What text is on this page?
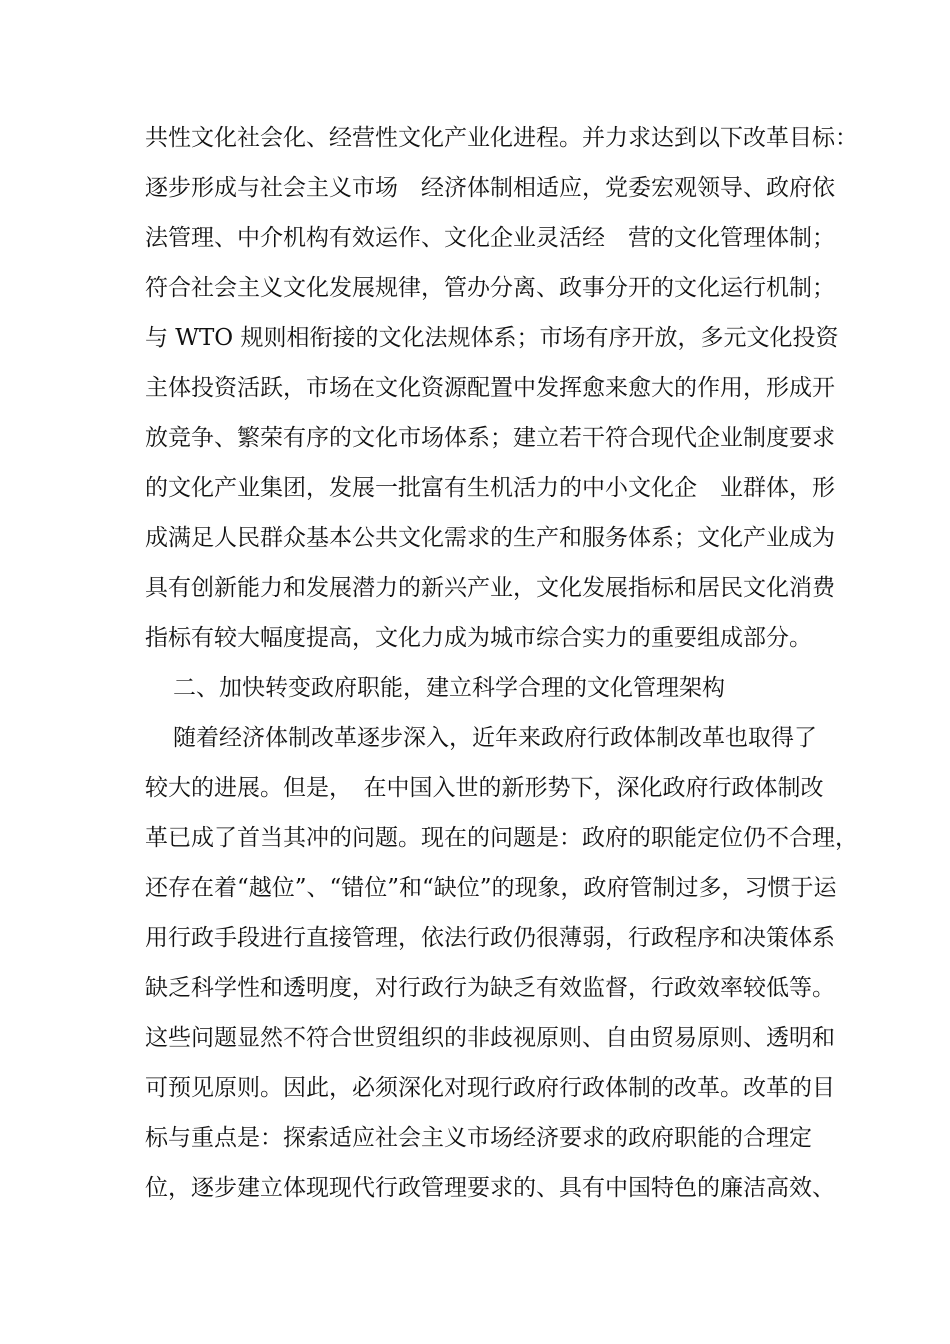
共性文化社会化、经营性文化产业化进程。并力求达到以下改革目标：
逐步形成与社会主义市场　经济体制相适应，党委宏观领导、政府依
法管理、中介机构有效运作、文化企业灵活经　营的文化管理体制；
符合社会主义文化发展规律，管办分离、政事分开的文化运行机制；
与 WTO 规则相衔接的文化法规体系；市场有序开放，多元文化投资
主体投资活跃，市场在文化资源配置中发挥愈来愈大的作用，形成开
放竞争、繁荣有序的文化市场体系；建立若干符合现代企业制度要求
的文化产业集团，发展一批富有生机活力的中小文化企　业群体，形
成满足人民群众基本公共文化需求的生产和服务体系；文化产业成为
具有创新能力和发展潜力的新兴产业，文化发展指标和居民文化消费
指标有较大幅度提高，文化力成为城市综合实力的重要组成部分。
二、加快转变政府职能，建立科学合理的文化管理架构
随着经济体制改革逐步深入，近年来政府行政体制改革也取得了
较大的进展。但是，　在中国入世的新形势下，深化政府行政体制改
革已成了首当其冲的问题。现在的问题是：政府的职能定位仍不合理，
还存在着“越位”、“错位”和“缺位”的现象，政府管制过多，习惯于运
用行政手段进行直接管理，依法行政仍很薄弱，行政程序和决策体系
缺乏科学性和透明度，对行政行为缺乏有效监督，行政效率较低等。
这些问题显然不符合世贸组织的非歧视原则、自由贸易原则、透明和
可预见原则。因此，必须深化对现行政府行政体制的改革。改革的目
标与重点是：探索适应社会主义市场经济要求的政府职能的合理定
位，逐步建立体现现代行政管理要求的、具有中国特色的廉洁高效、
